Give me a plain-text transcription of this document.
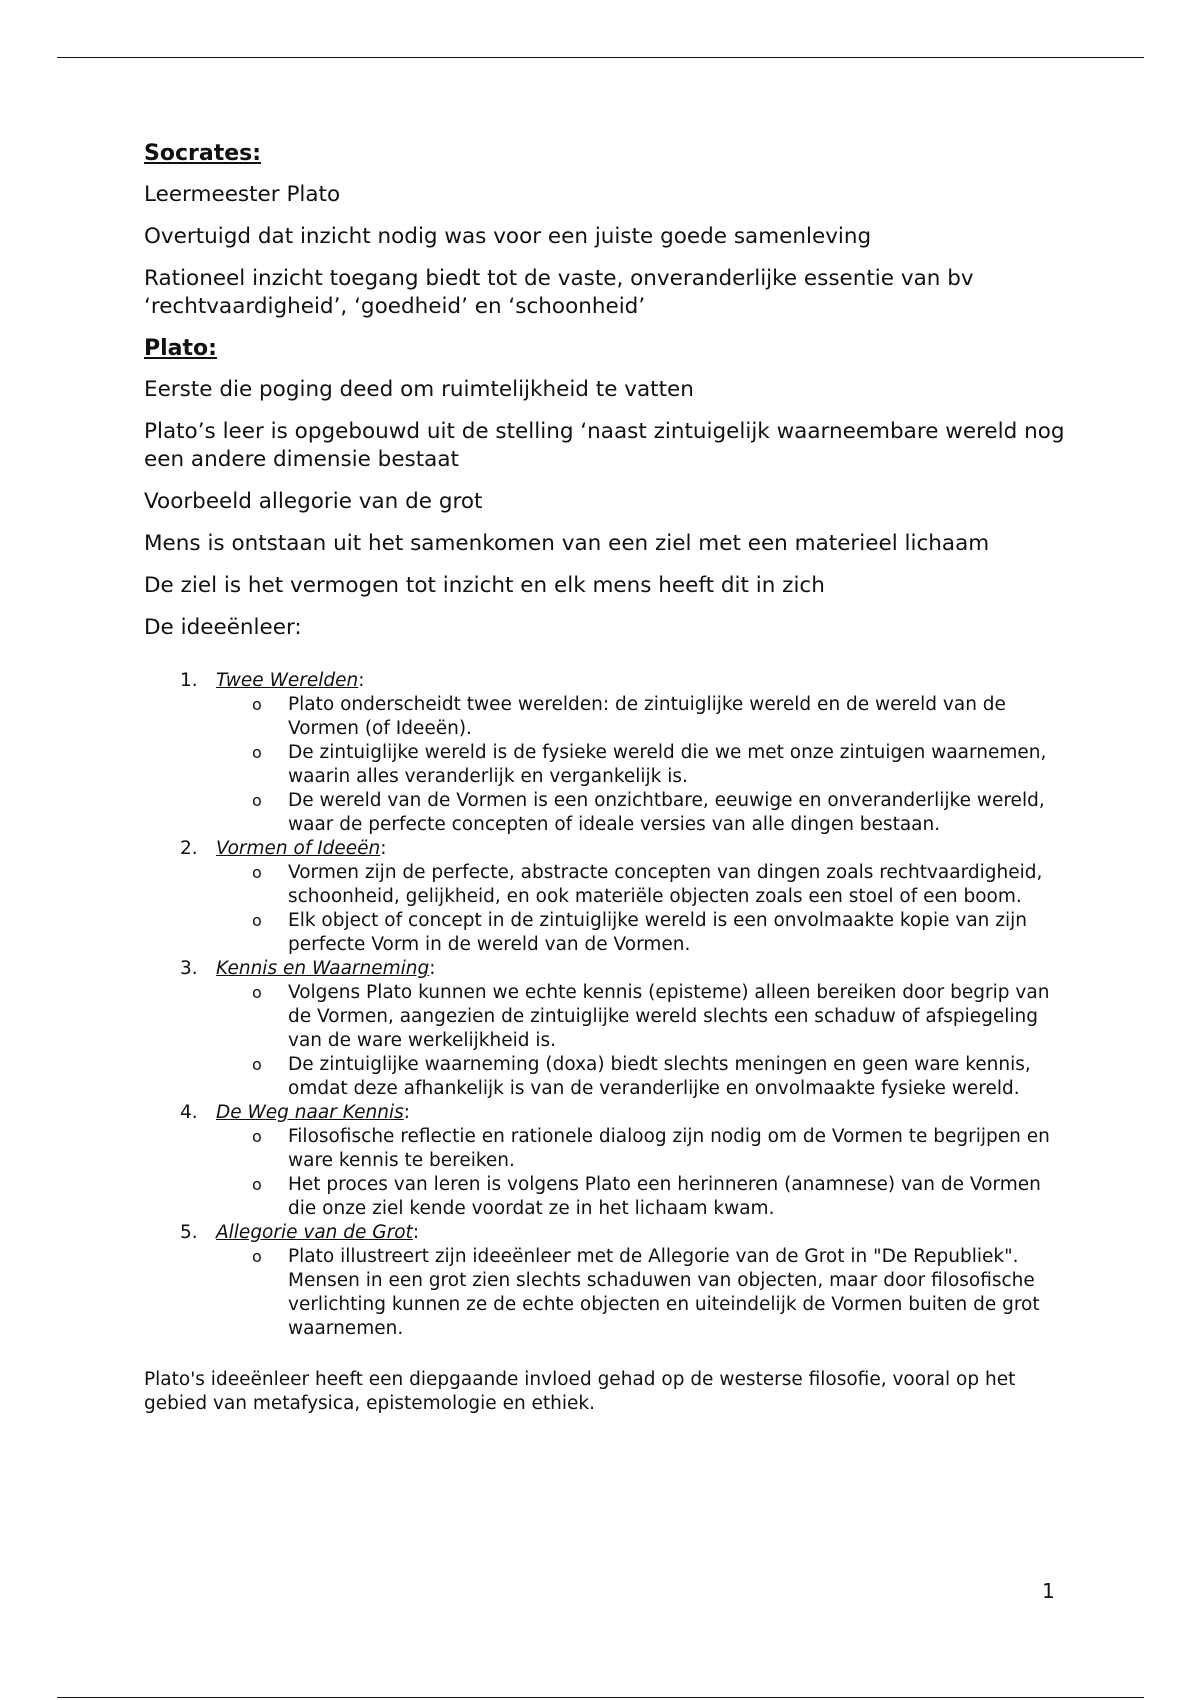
Socrates:

Leermeester Plato

Overtuigd dat inzicht nodig was voor een juiste goede samenleving

Rationeel inzicht toegang biedt tot de vaste, onveranderlijke essentie van bv ‘rechtvaardigheid’, ‘goedheid’ en ‘schoonheid’

Plato:

Eerste die poging deed om ruimtelijkheid te vatten

Plato’s leer is opgebouwd uit de stelling ‘naast zintuigelijk waarneembare wereld nog een andere dimensie bestaat

Voorbeeld allegorie van de grot

Mens is ontstaan uit het samenkomen van een ziel met een materieel lichaam

De ziel is het vermogen tot inzicht en elk mens heeft dit in zich

De ideeënleer:

1. Twee Werelden:
o Plato onderscheidt twee werelden: de zintuiglijke wereld en de wereld van de Vormen (of Ideeën).
o De zintuiglijke wereld is de fysieke wereld die we met onze zintuigen waarnemen, waarin alles veranderlijk en vergankelijk is.
o De wereld van de Vormen is een onzichtbare, eeuwige en onveranderlijke wereld, waar de perfecte concepten of ideale versies van alle dingen bestaan.
2. Vormen of Ideeën:
o Vormen zijn de perfecte, abstracte concepten van dingen zoals rechtvaardigheid, schoonheid, gelijkheid, en ook materiële objecten zoals een stoel of een boom.
o Elk object of concept in de zintuiglijke wereld is een onvolmaakte kopie van zijn perfecte Vorm in de wereld van de Vormen.
3. Kennis en Waarneming:
o Volgens Plato kunnen we echte kennis (episteme) alleen bereiken door begrip van de Vormen, aangezien de zintuiglijke wereld slechts een schaduw of afspiegeling van de ware werkelijkheid is.
o De zintuiglijke waarneming (doxa) biedt slechts meningen en geen ware kennis, omdat deze afhankelijk is van de veranderlijke en onvolmaakte fysieke wereld.
4. De Weg naar Kennis:
o Filosofische reflectie en rationele dialoog zijn nodig om de Vormen te begrijpen en ware kennis te bereiken.
o Het proces van leren is volgens Plato een herinneren (anamnese) van de Vormen die onze ziel kende voordat ze in het lichaam kwam.
5. Allegorie van de Grot:
o Plato illustreert zijn ideeënleer met de Allegorie van de Grot in "De Republiek". Mensen in een grot zien slechts schaduwen van objecten, maar door filosofische verlichting kunnen ze de echte objecten en uiteindelijk de Vormen buiten de grot waarnemen.

Plato's ideeënleer heeft een diepgaande invloed gehad op de westerse filosofie, vooral op het gebied van metafysica, epistemologie en ethiek.

1
